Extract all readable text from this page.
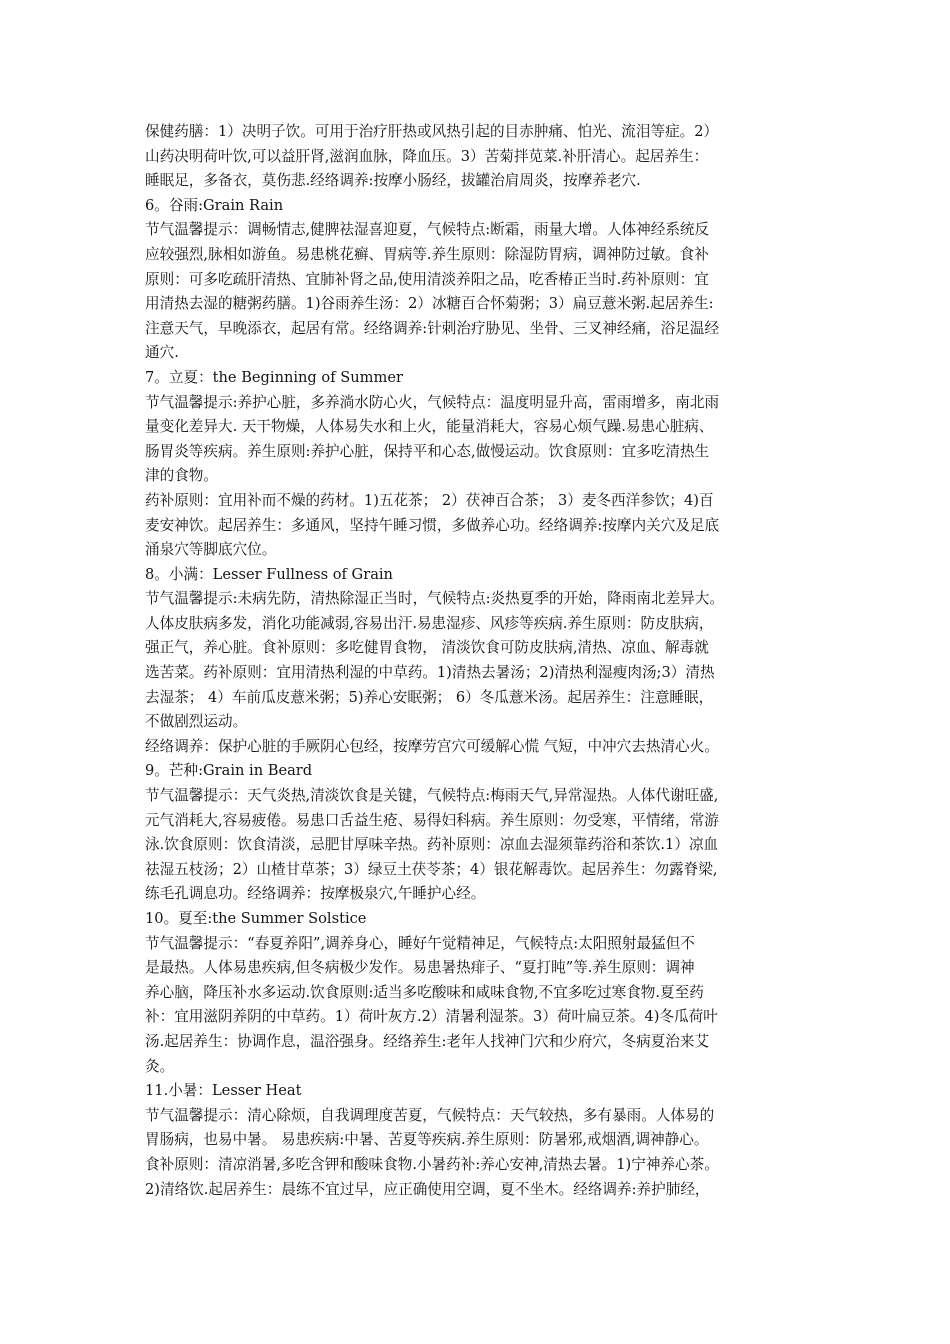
保健药膳：1）决明子饮。可用于治疗肝热或风热引起的目赤肿痛、怕光、流泪等症。2）
山药决明荷叶饮,可以益肝肾,滋润血脉，降血压。3）苦菊拌苋菜.补肝清心。起居养生：
睡眠足，多备衣，莫伤悲.经络调养:按摩小肠经，拔罐治肩周炎，按摩养老穴.
6。谷雨:Grain Rain
节气温馨提示：调畅情志,健脾祛湿喜迎夏，气候特点:断霜，雨量大增。人体神经系统反
应较强烈,脉相如游鱼。易患桃花癣、胃病等.养生原则：除湿防胃病，调神防过敏。食补
原则：可多吃疏肝清热、宜肺补肾之品,使用清淡养阳之品，吃香椿正当时.药补原则：宜
用清热去湿的糖粥药膳。1)谷雨养生汤：2）冰糖百合怀菊粥；3）扁豆薏米粥.起居养生:
注意天气，早晚添衣，起居有常。经络调养:针刺治疗胁见、坐骨、三叉神经痛，浴足温经
通穴.
7。立夏：the Beginning of Summer
节气温馨提示:养护心脏，多养淌水防心火，气候特点：温度明显升高，雷雨增多，南北雨
量变化差异大. 天干物燥，人体易失水和上火，能量消耗大，容易心烦气躁.易患心脏病、
肠胃炎等疾病。养生原则:养护心脏，保持平和心态,做慢运动。饮食原则：宜多吃清热生
津的食物。
药补原则：宜用补而不燥的药材。1)五花茶； 2）茯神百合茶； 3）麦冬西洋参饮；4)百
麦安神饮。起居养生：多通风，坚持午睡习惯，多做养心功。经络调养:按摩内关穴及足底
涌泉穴等脚底穴位。
8。小满：Lesser Fullness of Grain
节气温馨提示:未病先防，清热除湿正当时，气候特点:炎热夏季的开始，降雨南北差异大。
人体皮肤病多发，消化功能减弱,容易出汗.易患湿疹、风疹等疾病.养生原则：防皮肤病，
强正气，养心脏。食补原则：多吃健胃食物， 清淡饮食可防皮肤病,清热、凉血、解毒就
选苦菜。药补原则：宜用清热利湿的中草药。1)清热去暑汤；2)清热利湿瘦肉汤;3）清热
去湿茶； 4）车前瓜皮薏米粥；5)养心安眠粥； 6）冬瓜薏米汤。起居养生：注意睡眠，
不做剧烈运动。
经络调养：保护心脏的手厥阴心包经，按摩劳宫穴可缓解心慌 气短，中冲穴去热清心火。
9。芒种:Grain in Beard
节气温馨提示：天气炎热,清淡饮食是关键，气候特点:梅雨天气,异常湿热。人体代谢旺盛,
元气消耗大,容易疲倦。易患口舌益生疮、易得妇科病。养生原则：勿受寒，平情绪，常游
泳.饮食原则：饮食清淡，忌肥甘厚味辛热。药补原则：凉血去湿须靠药浴和茶饮.1）凉血
祛湿五枝汤；2）山楂甘草茶；3）绿豆土茯苓茶；4）银花解毒饮。起居养生：勿露脊梁,
练毛孔调息功。经络调养：按摩极泉穴,午睡护心经。
10。夏至:the Summer Solstice
节气温馨提示：“春夏养阳”,调养身心，睡好午觉精神足，气候特点:太阳照射最猛但不
是最热。人体易患疾病,但冬病极少发作。易患暑热痱子、“夏打盹”等.养生原则：调神
养心脑，降压补水多运动.饮食原则:适当多吃酸味和咸味食物,不宜多吃过寒食物.夏至药
补：宜用滋阴养阴的中草药。1）荷叶灰方.2）清暑利湿茶。3）荷叶扁豆茶。4)冬瓜荷叶
汤.起居养生：协调作息，温浴强身。经络养生:老年人找神门穴和少府穴，冬病夏治来艾
灸。
11.小暑：Lesser Heat
节气温馨提示：清心除烦，自我调理度苦夏，气候特点：天气较热，多有暴雨。人体易的
胃肠病，也易中暑。 易患疾病:中暑、苦夏等疾病.养生原则：防暑邪,戒烟酒,调神静心。
食补原则：清凉消暑,多吃含钾和酸味食物.小暑药补:养心安神,清热去暑。1)宁神养心茶。
2)清络饮.起居养生：晨练不宜过早，应正确使用空调，夏不坐木。经络调养:养护肺经，
